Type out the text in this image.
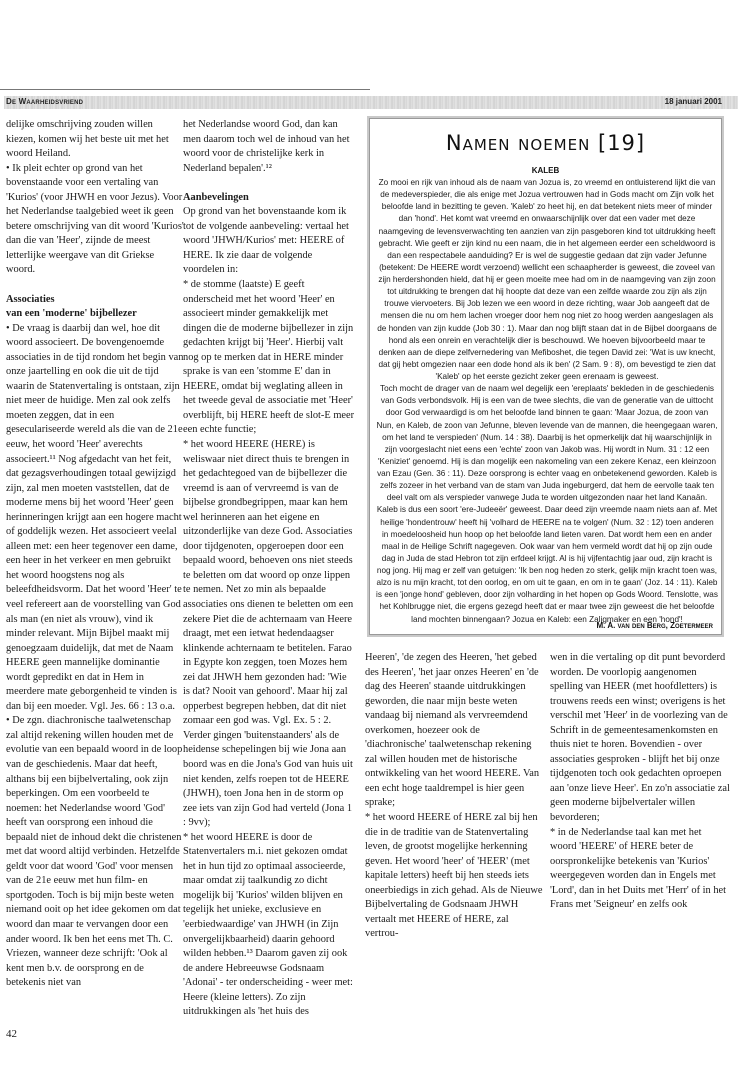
De Waarheidsvriend	18 januari 2001

delijke omschrijving zouden willen kiezen, komen wij het beste uit met het woord Heiland.

• Ik pleit echter op grond van het bovenstaande voor een vertaling van 'Kurios' (voor JHWH en voor Jezus). Voor het Nederlandse taalgebied weet ik geen betere omschrijving van dit woord 'Kurios' dan die van 'Heer', zijnde de meest letterlijke weergave van dit Griekse woord.

Associaties
van een 'moderne' bijbellezer

• De vraag is daarbij dan wel, hoe dit woord associeert. De bovengenoemde associaties in de tijd rondom het begin van onze jaartelling en ook die uit de tijd waarin de Statenvertaling is ontstaan, zijn niet meer de huidige. Men zal ook zelfs moeten zeggen, dat in een geseculariseerde wereld als die van de 21e eeuw, het woord 'Heer' averechts associeert.¹¹ Nog afgedacht van het feit, dat gezagsverhoudingen totaal gewijzigd zijn, zal men moeten vaststellen, dat de moderne mens bij het woord 'Heer' geen herinneringen krijgt aan een hogere macht of goddelijk wezen. Het associeert veelal alleen met: een heer tegenover een dame, een heer in het verkeer en men gebruikt het woord hoogstens nog als beleefdheidsvorm. Dat het woord 'Heer' te veel refereert aan de voorstelling van God als man (en niet als vrouw), vind ik minder relevant. Mijn Bijbel maakt mij genoegzaam duidelijk, dat met de Naam HEERE geen mannelijke dominantie wordt gepredikt en dat in Hem in meerdere mate geborgenheid te vinden is dan bij een moeder. Vgl. Jes. 66 : 13 o.a.

• De zgn. diachronische taalwetenschap zal altijd rekening willen houden met de evolutie van een bepaald woord in de loop van de geschiedenis. Maar dat heeft, althans bij een bijbelvertaling, ook zijn beperkingen. Om een voorbeeld te noemen: het Nederlandse woord 'God' heeft van oorsprong een inhoud die bepaald niet de inhoud dekt die christenen met dat woord altijd verbinden. Hetzelfde geldt voor dat woord 'God' voor mensen van de 21e eeuw met hun film- en sportgoden. Toch is bij mijn beste weten niemand ooit op het idee gekomen om dat woord dan maar te vervangen door een ander woord. Ik ben het eens met Th. C. Vriezen, wanneer deze schrijft: 'Ook al kent men b.v. de oorsprong en de betekenis niet van

het Nederlandse woord God, dan kan men daarom toch wel de inhoud van het woord voor de christelijke kerk in Nederland bepalen'.¹²

Aanbevelingen

Op grond van het bovenstaande kom ik tot de volgende aanbeveling: vertaal het woord 'JHWH/Kurios' met: HEERE of HERE. Ik zie daar de volgende voordelen in:

* de stomme (laatste) E geeft onderscheid met het woord 'Heer' en associeert minder gemakkelijk met dingen die de moderne bijbellezer in zijn gedachten krijgt bij 'Heer'. Hierbij valt nog op te merken dat in HERE minder sprake is van een 'stomme E' dan in HEERE, omdat bij weglating alleen in het tweede geval de associatie met 'Heer' overblijft, bij HERE heeft de slot-E meer een echte functie;

* het woord HEERE (HERE) is weliswaar niet direct thuis te brengen in het gedachtegoed van de bijbellezer die vreemd is aan of vervreemd is van de bijbelse grondbegrippen, maar kan hem wel herinneren aan het eigene en uitzonderlijke van deze God. Associaties door tijdgenoten, opgeroepen door een bepaald woord, behoeven ons niet steeds te beletten om dat woord op onze lippen te nemen. Net zo min als bepaalde associaties ons dienen te beletten om een zekere Piet die de achternaam van Heere draagt, met een ietwat hedendaagser klinkende achternaam te betitelen. Farao in Egypte kon zeggen, toen Mozes hem zei dat JHWH hem gezonden had: 'Wie is dat? Nooit van gehoord'. Maar hij zal opperbest begrepen hebben, dat dit niet zomaar een god was. Vgl. Ex. 5 : 2. Verder gingen 'buitenstaanders' als de heidense schepelingen bij wie Jona aan boord was en die Jona's God van huis uit niet kenden, zelfs roepen tot de HEERE (JHWH), toen Jona hen in de storm op zee iets van zijn God had verteld (Jona 1 : 9vv);

* het woord HEERE is door de Statenvertalers m.i. niet gekozen omdat het in hun tijd zo optimaal associeerde, maar omdat zij taalkundig zo dicht mogelijk bij 'Kurios' wilden blijven en tegelijk het unieke, exclusieve en 'eerbiedwaardige' van JHWH (in Zijn onvergelijkbaarheid) daarin gehoord wilden hebben.¹³ Daarom gaven zij ook de andere Hebreeuwse Godsnaam 'Adonai' - ter onderscheiding - weer met: Heere (kleine letters). Zo zijn uitdrukkingen als 'het huis des

Namen noemen [19]
KALEB

Zo mooi en rijk van inhoud als de naam van Jozua is, zo vreemd en ontluisterend lijkt die van de medeverspieder, die als enige met Jozua vertrouwen had in Gods macht om Zijn volk het beloofde land in bezitting te geven. 'Kaleb' zo heet hij, en dat betekent niets meer of minder dan 'hond'. Het komt wat vreemd en onwaarschijnlijk over dat een vader met deze naamgeving de levensverwachting ten aanzien van zijn pasgeboren kind tot uitdrukking heeft gebracht. Wie geeft er zijn kind nu een naam, die in het algemeen eerder een scheldwoord is dan een respectabele aanduiding? Er is wel de suggestie gedaan dat zijn vader Jefunne (betekent: De HEERE wordt verzoend) wellicht een schaapherder is geweest, die zoveel van zijn herdershonden hield, dat hij er geen moeite mee had om in de naamgeving van zijn zoon tot uitdrukking te brengen dat hij hoopte dat deze van een zelfde waarde zou zijn als zijn trouwe viervoeters. Bij Job lezen we een woord in deze richting, waar Job aangeeft dat de mensen die nu om hem lachen vroeger door hem nog niet zo hoog werden aangeslagen als de honden van zijn kudde (Job 30 : 1). Maar dan nog blijft staan dat in de Bijbel doorgaans de hond als een onrein en verachtelijk dier is beschouwd. We hoeven bijvoorbeeld maar te denken aan de diepe zelfvernedering van Mefiboshet, die tegen David zei: 'Wat is uw knecht, dat gij hebt omgezien naar een dode hond als ik ben' (2 Sam. 9 : 8), om bevestigd te zien dat 'Kaleb' op het eerste gezicht zeker geen erenaam is geweest.

Toch mocht de drager van de naam wel degelijk een 'ereplaats' bekleden in de geschiedenis van Gods verbondsvolk. Hij is een van de twee slechts, die van de generatie van de uittocht door God verwaardigd is om het beloofde land binnen te gaan: 'Maar Jozua, de zoon van Nun, en Kaleb, de zoon van Jefunne, bleven levende van de mannen, die heengegaan waren, om het land te verspieden' (Num. 14 : 38). Daarbij is het opmerkelijk dat hij waarschijnlijk in zijn voorgeslacht niet eens een 'echte' zoon van Jakob was. Hij wordt in Num. 31 : 12 een 'Keniziet' genoemd. Hij is dan mogelijk een nakomeling van een zekere Kenaz, een kleinzoon van Ezau (Gen. 36 : 11). Deze oorsprong is echter vaag en onbetekenend geworden. Kaleb is zelfs zozeer in het verband van de stam van Juda ingeburgerd, dat hem de eervolle taak ten deel valt om als verspieder vanwege Juda te worden uitgezonden naar het land Kanaän. Kaleb is dus een soort 'ere-Judeeër' geweest. Daar deed zijn vreemde naam niets aan af. Met heilige 'hondentrouw' heeft hij 'volhard de HEERE na te volgen' (Num. 32 : 12) toen anderen in moedeloosheid hun hoop op het beloofde land lieten varen. Dat wordt hem een en ander maal in de Heilige Schrift nagegeven. Ook waar van hem vermeld wordt dat hij op zijn oude dag in Juda de stad Hebron tot zijn erfdeel krijgt. Al is hij vijfentachtig jaar oud, zijn kracht is nog jong. Hij mag er zelf van getuigen: 'Ik ben nog heden zo sterk, gelijk mijn kracht toen was, alzo is nu mijn kracht, tot den oorlog, en om uit te gaan, en om in te gaan' (Joz. 14 : 11). Kaleb is een 'jonge hond' gebleven, door zijn volharding in het hopen op Gods Woord. Tenslotte, was het Kohlbrugge niet, die ergens gezegd heeft dat er maar twee zijn geweest die het beloofde land mochten binnengaan? Jozua en Kaleb: een Zaligmaker en een 'hond'!

M. A. van den Berg, Zoetermeer

Heeren', 'de zegen des Heeren, 'het gebed des Heeren', 'het jaar onzes Heeren' en 'de dag des Heeren' staande uitdrukkingen geworden, die naar mijn beste weten vandaag bij niemand als vervreemdend overkomen, hoezeer ook de 'diachronische' taalwetenschap rekening zal willen houden met de historische ontwikkeling van het woord HEERE. Van een echt hoge taaldrempel is hier geen sprake;

* het woord HEERE of HERE zal bij hen die in de traditie van de Statenvertaling leven, de grootst mogelijke herkenning geven. Het woord 'heer' of 'HEER' (met kapitale letters) heeft bij hen steeds iets oneerbiedigs in zich gehad. Als de Nieuwe Bijbelvertaling de Godsnaam JHWH vertaalt met HEERE of HERE, zal vertrou-

wen in die vertaling op dit punt bevorderd worden. De voorlopig aangenomen spelling van HEER (met hoofdletters) is trouwens reeds een winst; overigens is het verschil met 'Heer' in de voorlezing van de Schrift in de gemeentesamenkomsten en thuis niet te horen. Bovendien - over associaties gesproken - blijft het bij onze tijdgenoten toch ook gedachten oproepen aan 'onze lieve Heer'. En zo'n associatie zal geen moderne bijbelvertaler willen bevorderen;

* in de Nederlandse taal kan met het woord 'HEERE' of HERE beter de oorspronkelijke betekenis van 'Kurios' weergegeven worden dan in Engels met 'Lord', dan in het Duits met 'Herr' of in het Frans met 'Seigneur' en zelfs ook

42
